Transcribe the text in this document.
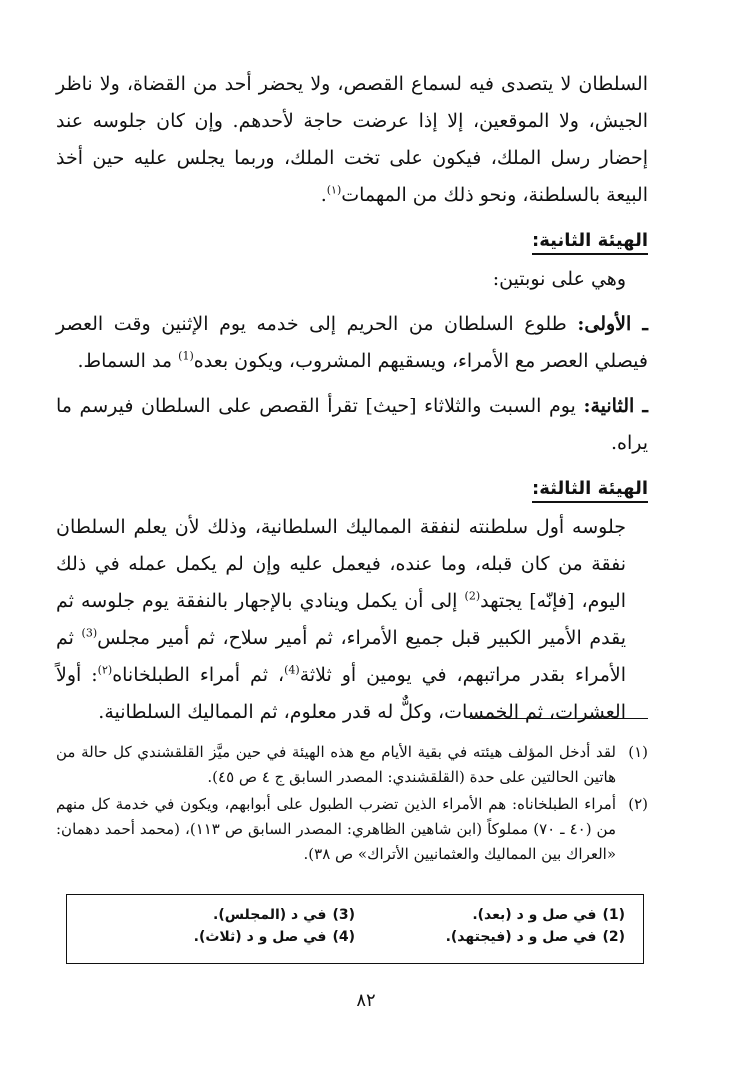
السلطان لا يتصدى فيه لسماع القصص، ولا يحضر أحد من القضاة، ولا ناظر الجيش، ولا الموقعين، إلا إذا عرضت حاجة لأحدهم. وإن كان جلوسه عند إحضار رسل الملك، فيكون على تخت الملك، وربما يجلس عليه حين أخذ البيعة بالسلطنة، ونحو ذلك من المهمات$^{(١)}$.

الهيئة الثانية:

وهي على نوبتين:

ـ الأولى: طلوع السلطان من الحريم إلى خدمه يوم الإثنين وقت العصر فيصلي العصر مع الأمراء، ويسقيهم المشروب، ويكون بعده$^{(1)}$ مد السماط.

ـ الثانية: يوم السبت والثلاثاء [حيث] تقرأ القصص على السلطان فيرسم ما يراه.

الهيئة الثالثة:

جلوسه أول سلطنته لنفقة المماليك السلطانية، وذلك لأن يعلم السلطان نفقة من كان قبله، وما عنده، فيعمل عليه وإن لم يكمل عمله في ذلك اليوم، [فإنّه] يجتهد$^{(2)}$ إلى أن يكمل وينادي بالإجهار بالنفقة يوم جلوسه ثم يقدم الأمير الكبير قبل جميع الأمراء، ثم أمير سلاح، ثم أمير مجلس$^{(3)}$ ثم الأمراء بقدر مراتبهم، في يومين أو ثلاثة$^{(4)}$، ثم أمراء الطبلخاناه$^{(٢)}$: أولاً العشرات، ثم الخمسات، وكلٌّ له قدر معلوم، ثم المماليك السلطانية.

(١)
لقد أدخل المؤلف هيئته في بقية الأيام مع هذه الهيئة في حين ميَّز القلقشندي كل حالة من هاتين الحالتين على حدة (القلقشندي: المصدر السابق ج ٤ ص ٤٥).
(٢)
أمراء الطبلخاناه: هم الأمراء الذين تضرب الطبول على أبوابهم، ويكون في خدمة كل منهم من (٤٠ ـ ٧٠) مملوكاً (ابن شاهين الظاهري: المصدر السابق ص ١١٣)، (محمد أحمد دهمان: «العراك بين المماليك والعثمانيين الأتراك» ص ٣٨).
(1)
في صل و د (بعد).
(3)
في د (المجلس).
(2)
في صل و د (فيجتهد).
(4)
في صل و د (ثلاث).
٨٢
